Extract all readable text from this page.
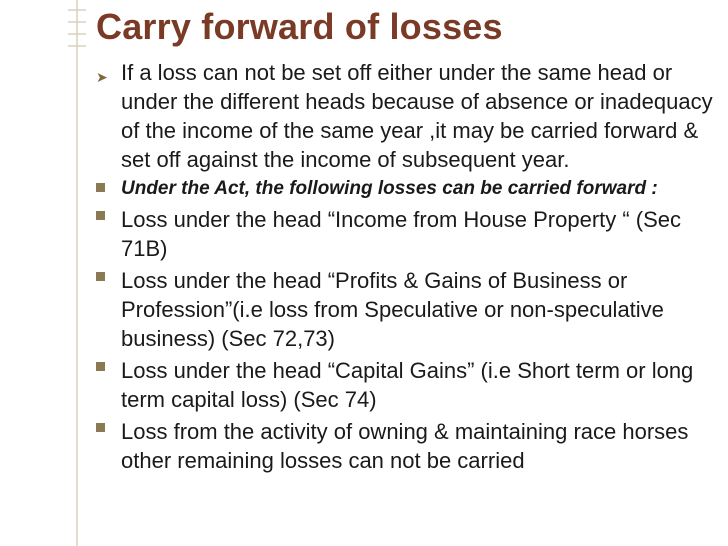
Carry forward of losses
➤ If a loss can not be set off either under the same head or under the different heads because of absence or inadequacy of the income of the same year ,it may be carried forward & set off against the income of subsequent year.
Under the Act, the following losses can be carried forward :
Loss under the head “Income from House Property “ (Sec 71B)
Loss under the head “Profits & Gains of Business or Profession”(i.e loss from Speculative or non-speculative business) (Sec 72,73)
Loss under the head “Capital Gains” (i.e Short term or long term capital loss) (Sec 74)
Loss from the activity of owning & maintaining race horses other remaining losses can not be carried
